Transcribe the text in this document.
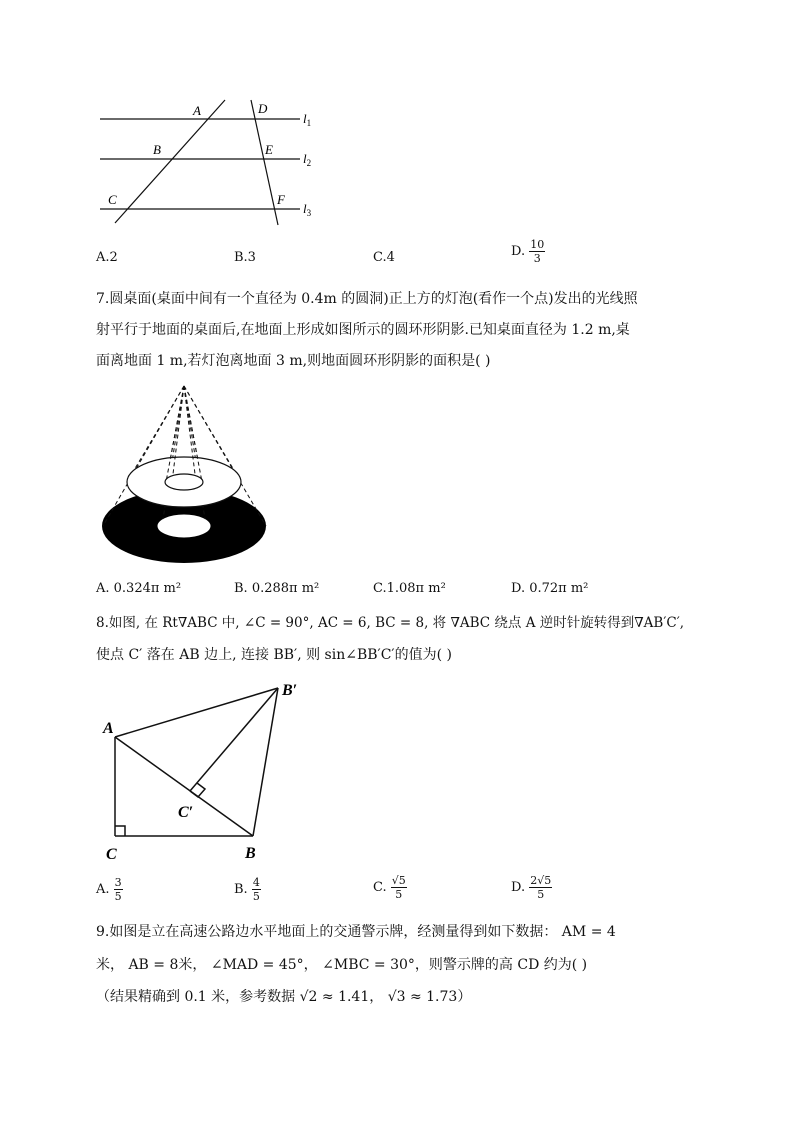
A	D
B	E
C	F
$l_1$
$l_2$
$l_3$
A.2	B.3	C.4	D. $\frac{10}{3}$
7.圆桌面(桌面中间有一个直径为 0.4m 的圆洞)正上方的灯泡(看作一个点)发出的光线照
射平行于地面的桌面后,在地面上形成如图所示的圆环形阴影.已知桌面直径为 1.2 m,桌
面离地面 1 m,若灯泡离地面 3 m,则地面圆环形阴影的面积是( )
A. 0.324π m²	B. 0.288π m²	C.1.08π m²	D. 0.72π m²
8.如图, 在 Rt∇ABC 中, ∠C = 90°, AC = 6, BC = 8, 将 ∇ABC 绕点 A 逆时针旋转得到∇AB′C′,
使点 C′ 落在 AB 边上, 连接 BB′, 则 sin∠BB′C′的值为( )
A
B′
C′
C	B
A. $\frac{3}{5}$	B. $\frac{4}{5}$	C. $\frac{√5}{5}$	D. $\frac{2√5}{5}$
9.如图是立在高速公路边水平地面上的交通警示牌，经测量得到如下数据： AM = 4
米， AB = 8米， ∠MAD = 45°， ∠MBC = 30°，则警示牌的高 CD 约为( )
（结果精确到 0.1 米，参考数据 √2 ≈ 1.41， √3 ≈ 1.73）
